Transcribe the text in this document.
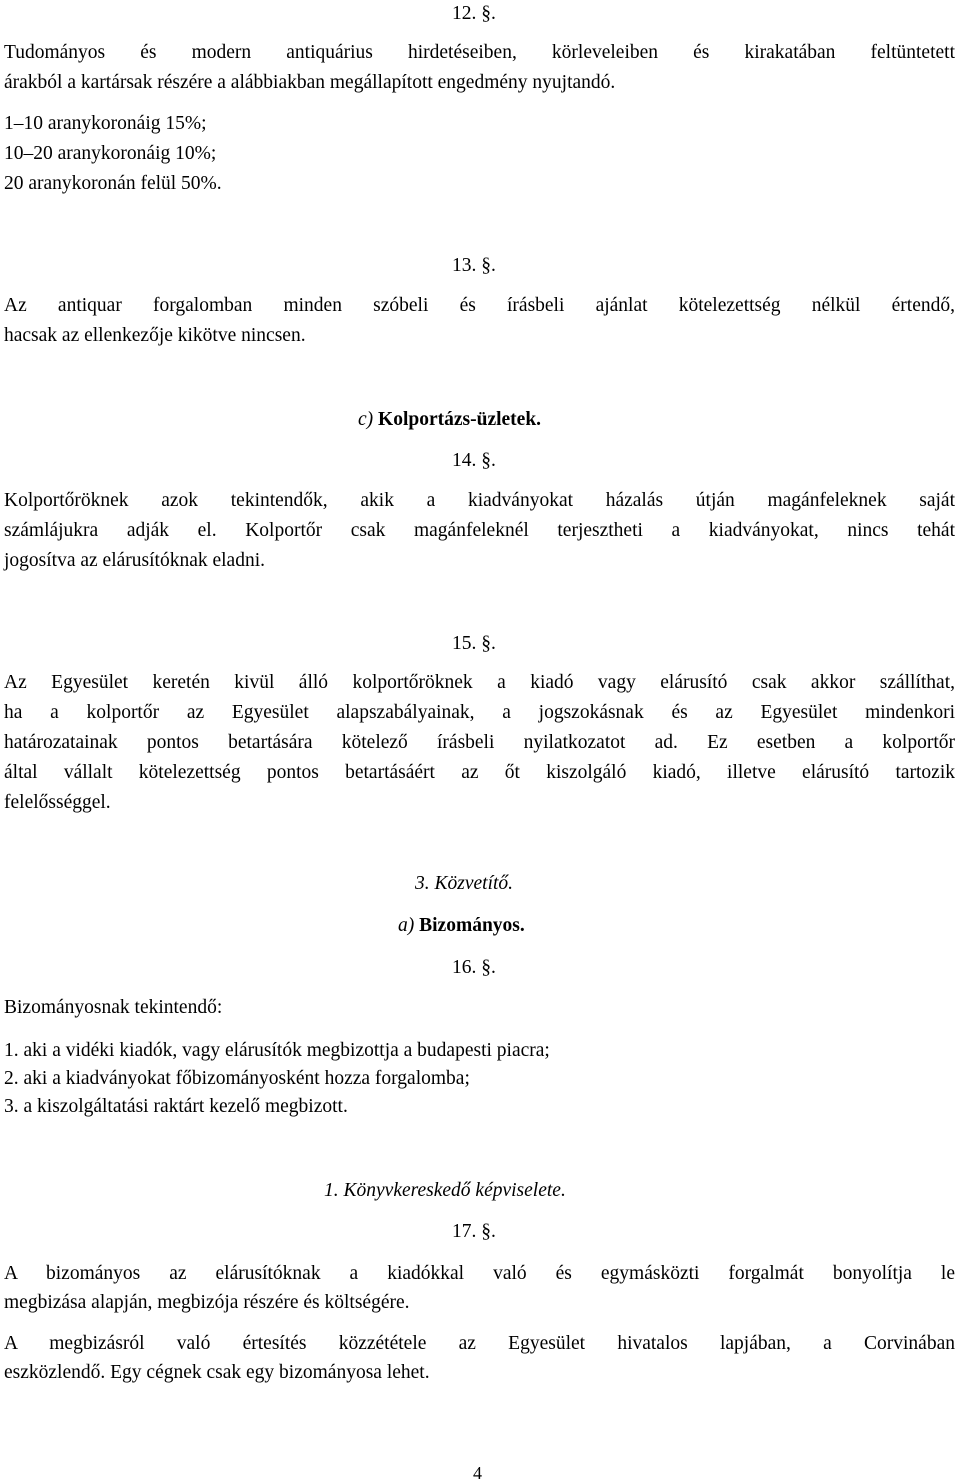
12. §.
Tudományos és modern antiquárius hirdetéseiben, körleveleiben és kirakatában feltüntetett
árakból a kartársak részére a alábbiakban megállapított engedmény nyujtandó.
1–10 aranykoronáig 15%;
10–20 aranykoronáig 10%;
20 aranykoronán felül 50%.
13. §.
Az antiquar forgalomban minden szóbeli és írásbeli ajánlat kötelezettség nélkül értendő,
hacsak az ellenkezője kikötve nincsen.
c) Kolportázs-üzletek.
14. §.
Kolportőröknek azok tekintendők, akik a kiadványokat házalás útján magánfeleknek saját
számlájukra adják el. Kolportőr csak magánfeleknél terjesztheti a kiadványokat, nincs tehát
jogosítva az elárusítóknak eladni.
15. §.
Az Egyesület keretén kivül álló kolportőröknek a kiadó vagy elárusító csak akkor szállíthat,
ha a kolportőr az Egyesület alapszabályainak, a jogszokásnak és az Egyesület mindenkori
határozatainak pontos betartására kötelező írásbeli nyilatkozatot ad. Ez esetben a kolportőr
által vállalt kötelezettség pontos betartásáért az őt kiszolgáló kiadó, illetve elárusító tartozik
felelősséggel.
3. Közvetítő.
a) Bizományos.
16. §.
Bizományosnak tekintendő:
1. aki a vidéki kiadók, vagy elárusítók megbizottja a budapesti piacra;
2. aki a kiadványokat főbizományosként hozza forgalomba;
3. a kiszolgáltatási raktárt kezelő megbizott.
1. Könyvkereskedő képviselete.
17. §.
A bizományos az elárusítóknak a kiadókkal való és egymásközti forgalmát bonyolítja le
megbizása alapján, megbizója részére és költségére.
A megbizásról való értesítés közzététele az Egyesület hivatalos lapjában, a Corvinában
eszközlendő. Egy cégnek csak egy bizományosa lehet.
4
